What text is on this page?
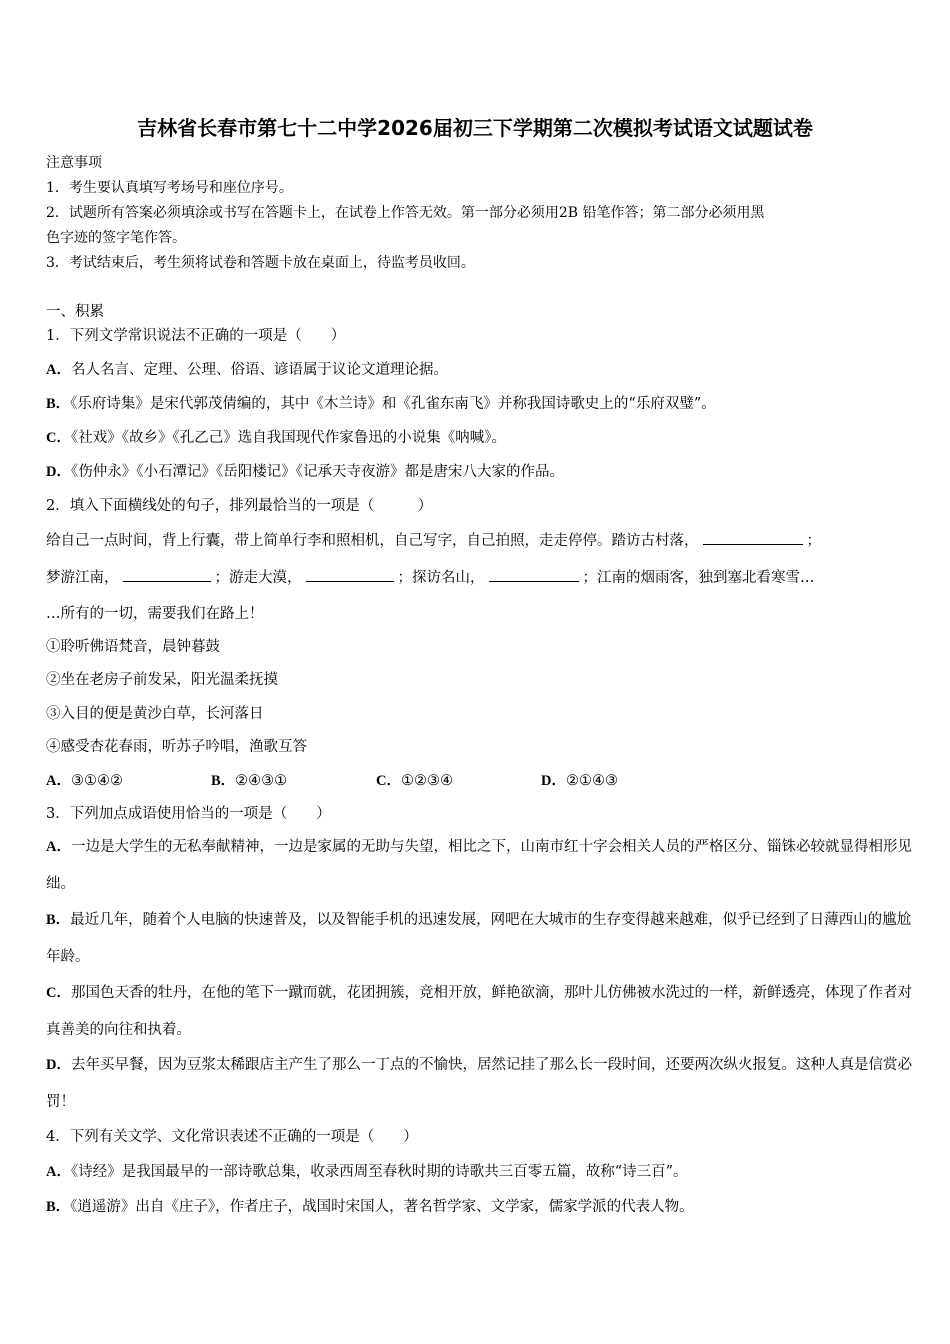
吉林省长春市第七十二中学2026届初三下学期第二次模拟考试语文试题试卷
注意事项
1．考生要认真填写考场号和座位序号。
2．试题所有答案必须填涂或书写在答题卡上，在试卷上作答无效。第一部分必须用2B 铅笔作答；第二部分必须用黑
色字迹的签字笔作答。
3．考试结束后，考生须将试卷和答题卡放在桌面上，待监考员收回。
一、积累
1．下列文学常识说法不正确的一项是（　　）
A．名人名言、定理、公理、俗语、谚语属于议论文道理论据。
B．《乐府诗集》是宋代郭茂倩编的，其中《木兰诗》和《孔雀东南飞》并称我国诗歌史上的“乐府双璧”。
C．《社戏》《故乡》《孔乙己》选自我国现代作家鲁迅的小说集《呐喊》。
D．《伤仲永》《小石潭记》《岳阳楼记》《记承天寺夜游》都是唐宋八大家的作品。
2．填入下面横线处的句子，排列最恰当的一项是（　　　）
给自己一点时间，背上行囊，带上简单行李和照相机，自己写字，自己拍照，走走停停。踏访古村落，	；
梦游江南，	；游走大漠，	；探访名山，	；江南的烟雨客，独到塞北看寒雪…
…所有的一切，需要我们在路上！
①聆听佛语梵音，晨钟暮鼓
②坐在老房子前发呆，阳光温柔抚摸
③入目的便是黄沙白草，长河落日
④感受杏花春雨，听苏子吟唱，渔歌互答
A．③①④②	B．②④③①	C．①②③④	D．②①④③
3．下列加点成语使用恰当的一项是（　　）
A．一边是大学生的无私奉献精神，一边是家属的无助与失望，相比之下，山南市红十字会相关人员的严格区分、锱铢必较就显得相形见绌。
B．最近几年，随着个人电脑的快速普及，以及智能手机的迅速发展，网吧在大城市的生存变得越来越难，似乎已经到了日薄西山的尴尬年龄。
C．那国色天香的牡丹，在他的笔下一蹴而就，花团拥簇，竞相开放，鲜艳欲滴，那叶儿仿佛被水洗过的一样，新鲜透亮，体现了作者对真善美的向往和执着。
D．去年买早餐，因为豆浆太稀跟店主产生了那么一丁点的不愉快，居然记挂了那么长一段时间，还要两次纵火报复。这种人真是信赏必罚！
4．下列有关文学、文化常识表述不正确的一项是（　　）
A．《诗经》是我国最早的一部诗歌总集，收录西周至春秋时期的诗歌共三百零五篇，故称“诗三百”。
B．《逍遥游》出自《庄子》，作者庄子，战国时宋国人，著名哲学家、文学家，儒家学派的代表人物。
